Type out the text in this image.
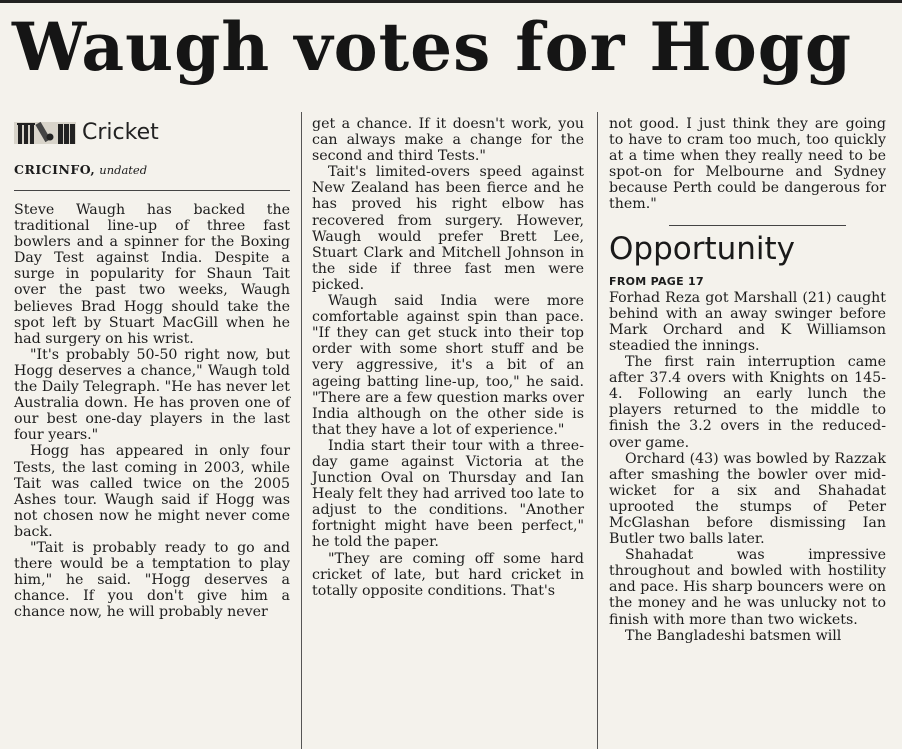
Waugh votes for Hogg
Cricket
CRICINFO, undated

Steve Waugh has backed the traditional line-up of three fast bowlers and a spinner for the Boxing Day Test against India. Despite a surge in popularity for Shaun Tait over the past two weeks, Waugh believes Brad Hogg should take the spot left by Stuart MacGill when he had surgery on his wrist.

"It's probably 50-50 right now, but Hogg deserves a chance," Waugh told the Daily Telegraph. "He has never let Australia down. He has proven one of our best one-day players in the last four years."

Hogg has appeared in only four Tests, the last coming in 2003, while Tait was called twice on the 2005 Ashes tour. Waugh said if Hogg was not chosen now he might never come back.

"Tait is probably ready to go and there would be a temptation to play him," he said. "Hogg deserves a chance. If you don't give him a chance now, he will probably never

get a chance. If it doesn't work, you can always make a change for the second and third Tests."

Tait's limited-overs speed against New Zealand has been fierce and he has proved his right elbow has recovered from surgery. However, Waugh would prefer Brett Lee, Stuart Clark and Mitchell Johnson in the side if three fast men were picked.

Waugh said India were more comfortable against spin than pace. "If they can get stuck into their top order with some short stuff and be very aggressive, it's a bit of an ageing batting line-up, too," he said. "There are a few question marks over India although on the other side is that they have a lot of experience."

India start their tour with a three-day game against Victoria at the Junction Oval on Thursday and Ian Healy felt they had arrived too late to adjust to the conditions. "Another fortnight might have been perfect," he told the paper.

"They are coming off some hard cricket of late, but hard cricket in totally opposite conditions. That's

not good. I just think they are going to have to cram too much, too quickly at a time when they really need to be spot-on for Melbourne and Sydney because Perth could be dangerous for them."

Opportunity
FROM PAGE 17

Forhad Reza got Marshall (21) caught behind with an away swinger before Mark Orchard and K Williamson steadied the innings.

The first rain interruption came after 37.4 overs with Knights on 145-4. Following an early lunch the players returned to the middle to finish the 3.2 overs in the reduced-over game.

Orchard (43) was bowled by Razzak after smashing the bowler over mid-wicket for a six and Shahadat uprooted the stumps of Peter McGlashan before dismissing Ian Butler two balls later.

Shahadat was impressive throughout and bowled with hostility and pace. His sharp bouncers were on the money and he was unlucky not to finish with more than two wickets.

The Bangladeshi batsmen will
